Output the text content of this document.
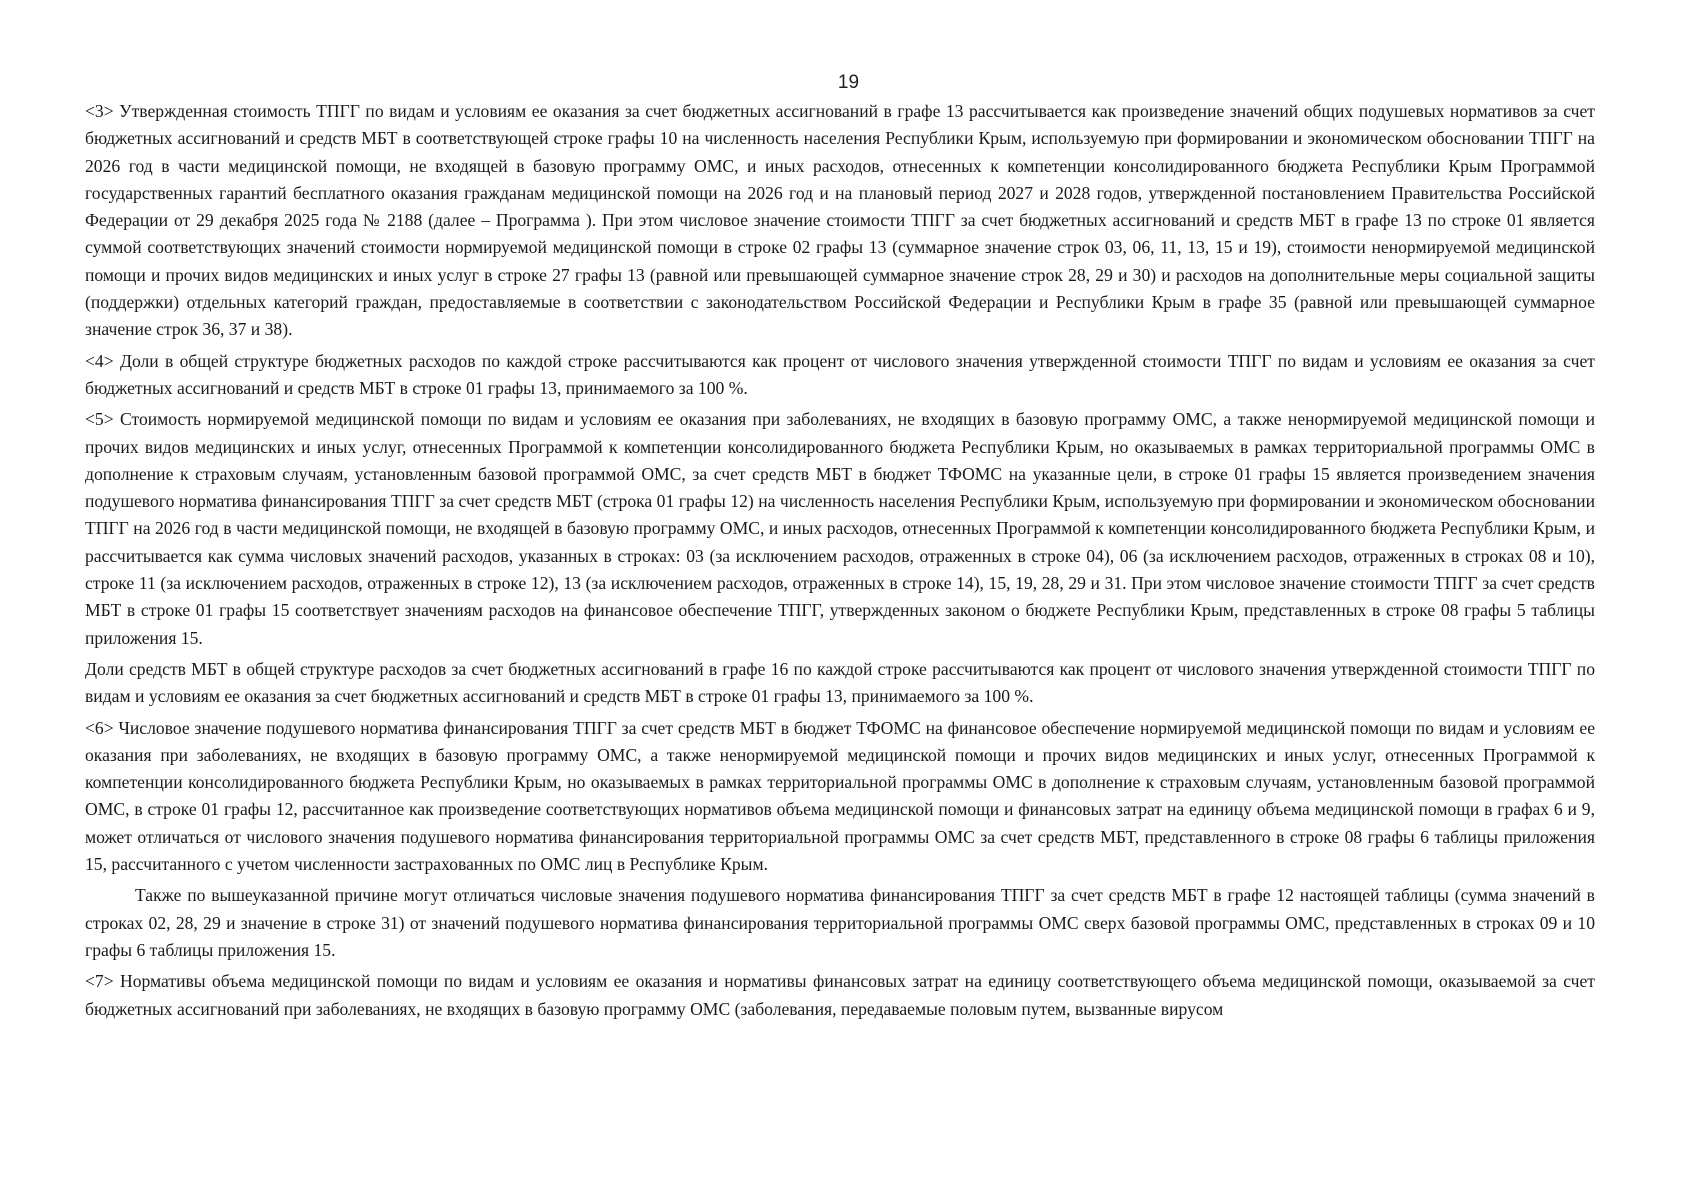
19

<3> Утвержденная стоимость ТПГГ по видам и условиям ее оказания за счет бюджетных ассигнований в графе 13 рассчитывается как произведение значений общих подушевых нормативов за счет бюджетных ассигнований и средств МБТ в соответствующей строке графы 10 на численность населения Республики Крым, используемую при формировании и экономическом обосновании ТПГГ на 2026 год в части медицинской помощи, не входящей в базовую программу ОМС, и иных расходов, отнесенных к компетенции консолидированного бюджета Республики Крым Программой государственных гарантий бесплатного оказания гражданам медицинской помощи на 2026 год и на плановый период 2027 и 2028 годов, утвержденной постановлением Правительства Российской Федерации от 29 декабря 2025 года № 2188 (далее – Программа ). При этом числовое значение стоимости ТПГГ за счет бюджетных ассигнований и средств МБТ в графе 13 по строке 01 является суммой соответствующих значений стоимости нормируемой медицинской помощи в строке 02 графы 13 (суммарное значение строк 03, 06, 11, 13, 15 и 19), стоимости ненормируемой медицинской помощи и прочих видов медицинских и иных услуг в строке 27 графы 13 (равной или превышающей суммарное значение строк 28, 29 и 30) и расходов на дополнительные меры социальной защиты (поддержки) отдельных категорий граждан, предоставляемые в соответствии с законодательством Российской Федерации и Республики Крым в графе 35 (равной или превышающей суммарное значение строк 36, 37 и 38).

<4> Доли в общей структуре бюджетных расходов по каждой строке рассчитываются как процент от числового значения утвержденной стоимости ТПГГ по видам и условиям ее оказания за счет бюджетных ассигнований и средств МБТ в строке 01 графы 13, принимаемого за 100 %.

<5> Стоимость нормируемой медицинской помощи по видам и условиям ее оказания при заболеваниях, не входящих в базовую программу ОМС, а также ненормируемой медицинской помощи и прочих видов медицинских и иных услуг, отнесенных Программой к компетенции консолидированного бюджета Республики Крым, но оказываемых в рамках территориальной программы ОМС в дополнение к страховым случаям, установленным базовой программой ОМС, за счет средств МБТ в бюджет ТФОМС на указанные цели, в строке 01 графы 15 является произведением значения подушевого норматива финансирования ТПГГ за счет средств МБТ (строка 01 графы 12) на численность населения Республики Крым, используемую при формировании и экономическом обосновании ТПГГ на 2026 год в части медицинской помощи, не входящей в базовую программу ОМС, и иных расходов, отнесенных Программой к компетенции консолидированного бюджета Республики Крым, и рассчитывается как сумма числовых значений расходов, указанных в строках: 03 (за исключением расходов, отраженных в строке 04), 06 (за исключением расходов, отраженных в строках 08 и 10), строке 11 (за исключением расходов, отраженных в строке 12), 13 (за исключением расходов, отраженных в строке 14), 15, 19, 28, 29 и 31. При этом числовое значение стоимости ТПГГ за счет средств МБТ в строке 01 графы 15 соответствует значениям расходов на финансовое обеспечение ТПГГ, утвержденных законом о бюджете Республики Крым, представленных в строке 08 графы 5 таблицы приложения 15.

Доли средств МБТ в общей структуре расходов за счет бюджетных ассигнований в графе 16 по каждой строке рассчитываются как процент от числового значения утвержденной стоимости ТПГГ по видам и условиям ее оказания за счет бюджетных ассигнований и средств МБТ в строке 01 графы 13, принимаемого за 100 %.

<6> Числовое значение подушевого норматива финансирования ТПГГ за счет средств МБТ в бюджет ТФОМС на финансовое обеспечение нормируемой медицинской помощи по видам и условиям ее оказания при заболеваниях, не входящих в базовую программу ОМС, а также ненормируемой медицинской помощи и прочих видов медицинских и иных услуг, отнесенных Программой к компетенции консолидированного бюджета Республики Крым, но оказываемых в рамках территориальной программы ОМС в дополнение к страховым случаям, установленным базовой программой ОМС, в строке 01 графы 12, рассчитанное как произведение соответствующих нормативов объема медицинской помощи и финансовых затрат на единицу объема медицинской помощи в графах 6 и 9, может отличаться от числового значения подушевого норматива финансирования территориальной программы ОМС за счет средств МБТ, представленного в строке 08 графы 6 таблицы приложения 15, рассчитанного с учетом численности застрахованных по ОМС лиц в Республике Крым.

Также по вышеуказанной причине могут отличаться числовые значения подушевого норматива финансирования ТПГГ за счет средств МБТ в графе 12 настоящей таблицы (сумма значений в строках 02, 28, 29 и значение в строке 31) от значений подушевого норматива финансирования территориальной программы ОМС сверх базовой программы ОМС, представленных в строках 09 и 10 графы 6 таблицы приложения 15.

<7> Нормативы объема медицинской помощи по видам и условиям ее оказания и нормативы финансовых затрат на единицу соответствующего объема медицинской помощи, оказываемой за счет бюджетных ассигнований при заболеваниях, не входящих в базовую программу ОМС (заболевания, передаваемые половым путем, вызванные вирусом
